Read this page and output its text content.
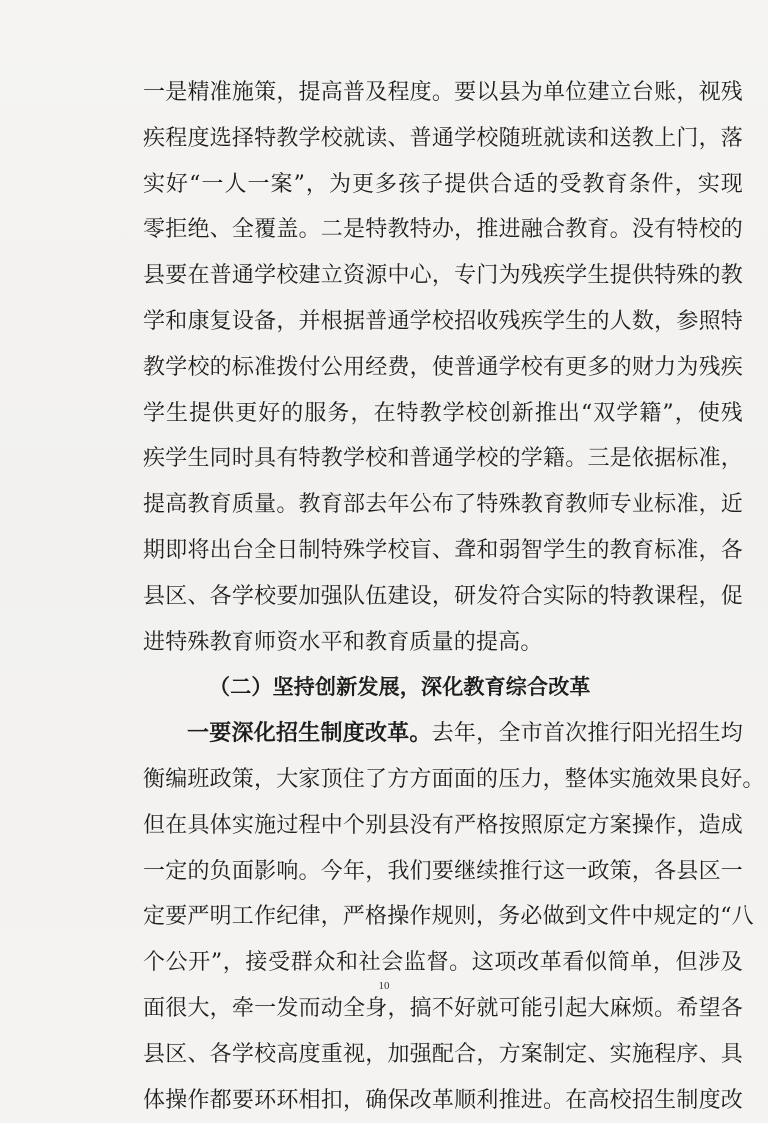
一是精准施策，提高普及程度。要以县为单位建立台账，视残
疾程度选择特教学校就读、普通学校随班就读和送教上门，落
实好“一人一案”，为更多孩子提供合适的受教育条件，实现
零拒绝、全覆盖。二是特教特办，推进融合教育。没有特校的
县要在普通学校建立资源中心，专门为残疾学生提供特殊的教
学和康复设备，并根据普通学校招收残疾学生的人数，参照特
教学校的标准拨付公用经费，使普通学校有更多的财力为残疾
学生提供更好的服务，在特教学校创新推出“双学籍”，使残
疾学生同时具有特教学校和普通学校的学籍。三是依据标准，
提高教育质量。教育部去年公布了特殊教育教师专业标准，近
期即将出台全日制特殊学校盲、聋和弱智学生的教育标准，各
县区、各学校要加强队伍建设，研发符合实际的特教课程，促
进特殊教育师资水平和教育质量的提高。
（二）坚持创新发展，深化教育综合改革
一要深化招生制度改革。去年，全市首次推行阳光招生均
衡编班政策，大家顶住了方方面面的压力，整体实施效果良好。
但在具体实施过程中个别县没有严格按照原定方案操作，造成
一定的负面影响。今年，我们要继续推行这一政策，各县区一
定要严明工作纪律，严格操作规则，务必做到文件中规定的“八
个公开”，接受群众和社会监督。这项改革看似简单，但涉及
面很大，牵一发而动全身，搞不好就可能引起大麻烦。希望各
县区、各学校高度重视，加强配合，方案制定、实施程序、具
体操作都要环环相扣，确保改革顺利推进。在高校招生制度改
10
